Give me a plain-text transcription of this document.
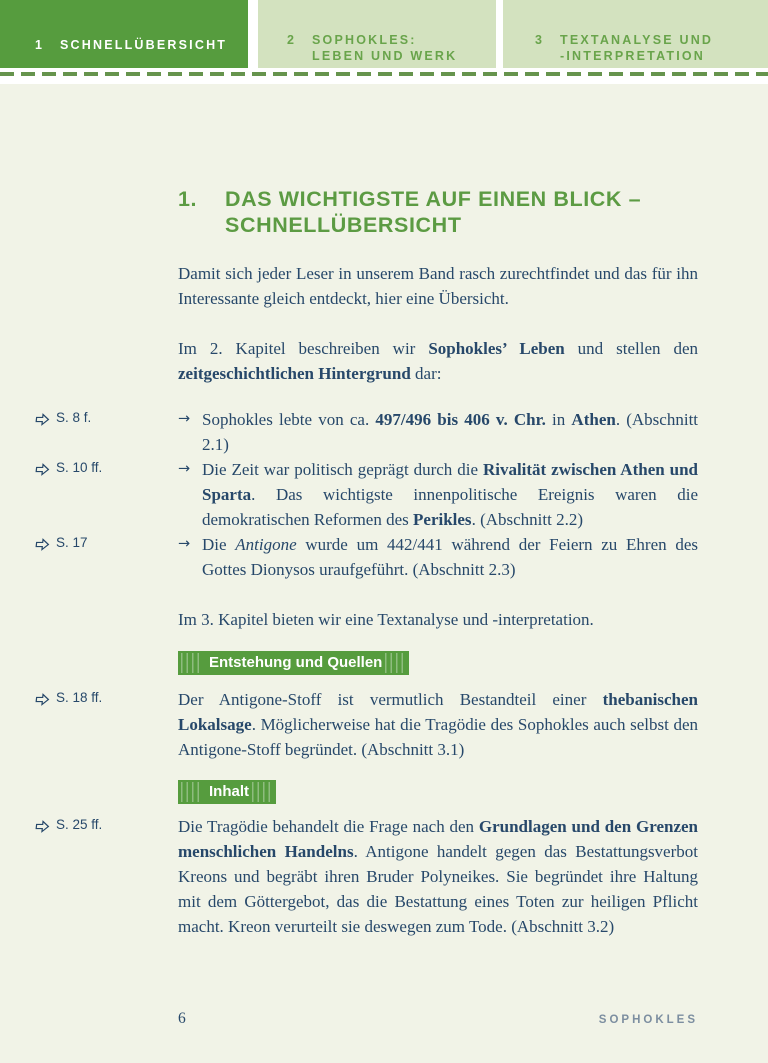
1	SCHNELLÜBERSICHT	2	SOPHOKLES:
LEBEN UND WERK
3	TEXTANALYSE UND
-INTERPRETATION
1.	DAS WICHTIGSTE AUF EINEN BLICK –
SCHNELLÜBERSICHT

Damit sich jeder Leser in unserem Band rasch zurechtfindet und das für ihn Interessante gleich entdeckt, hier eine Übersicht.

Im 2. Kapitel beschreiben wir Sophokles’ Leben und stellen den zeitgeschichtlichen Hintergrund dar:

S. 8 f.	→ Sophokles lebte von ca. 497/496 bis 406 v. Chr. in Athen. (Abschnitt 2.1)
S. 10 ff.	→ Die Zeit war politisch geprägt durch die Rivalität zwischen Athen und Sparta. Das wichtigste innenpolitische Ereignis waren die demokratischen Reformen des Perikles. (Abschnitt 2.2)
S. 17	→ Die Antigone wurde um 442/441 während der Feiern zu Ehren des Gottes Dionysos uraufgeführt. (Abschnitt 2.3)

Im 3. Kapitel bieten wir eine Textanalyse und -interpretation.

Entstehung und Quellen
S. 18 ff.	Der Antigone-Stoff ist vermutlich Bestandteil einer thebanischen Lokalsage. Möglicherweise hat die Tragödie des Sophokles auch selbst den Antigone-Stoff begründet. (Abschnitt 3.1)

Inhalt
S. 25 ff.	Die Tragödie behandelt die Frage nach den Grundlagen und den Grenzen menschlichen Handelns. Antigone handelt gegen das Bestattungsverbot Kreons und begräbt ihren Bruder Polyneikes. Sie begründet ihre Haltung mit dem Göttergebot, das die Bestattung eines Toten zur heiligen Pflicht macht. Kreon verurteilt sie deswegen zum Tode. (Abschnitt 3.2)

6	SOPHOKLES
